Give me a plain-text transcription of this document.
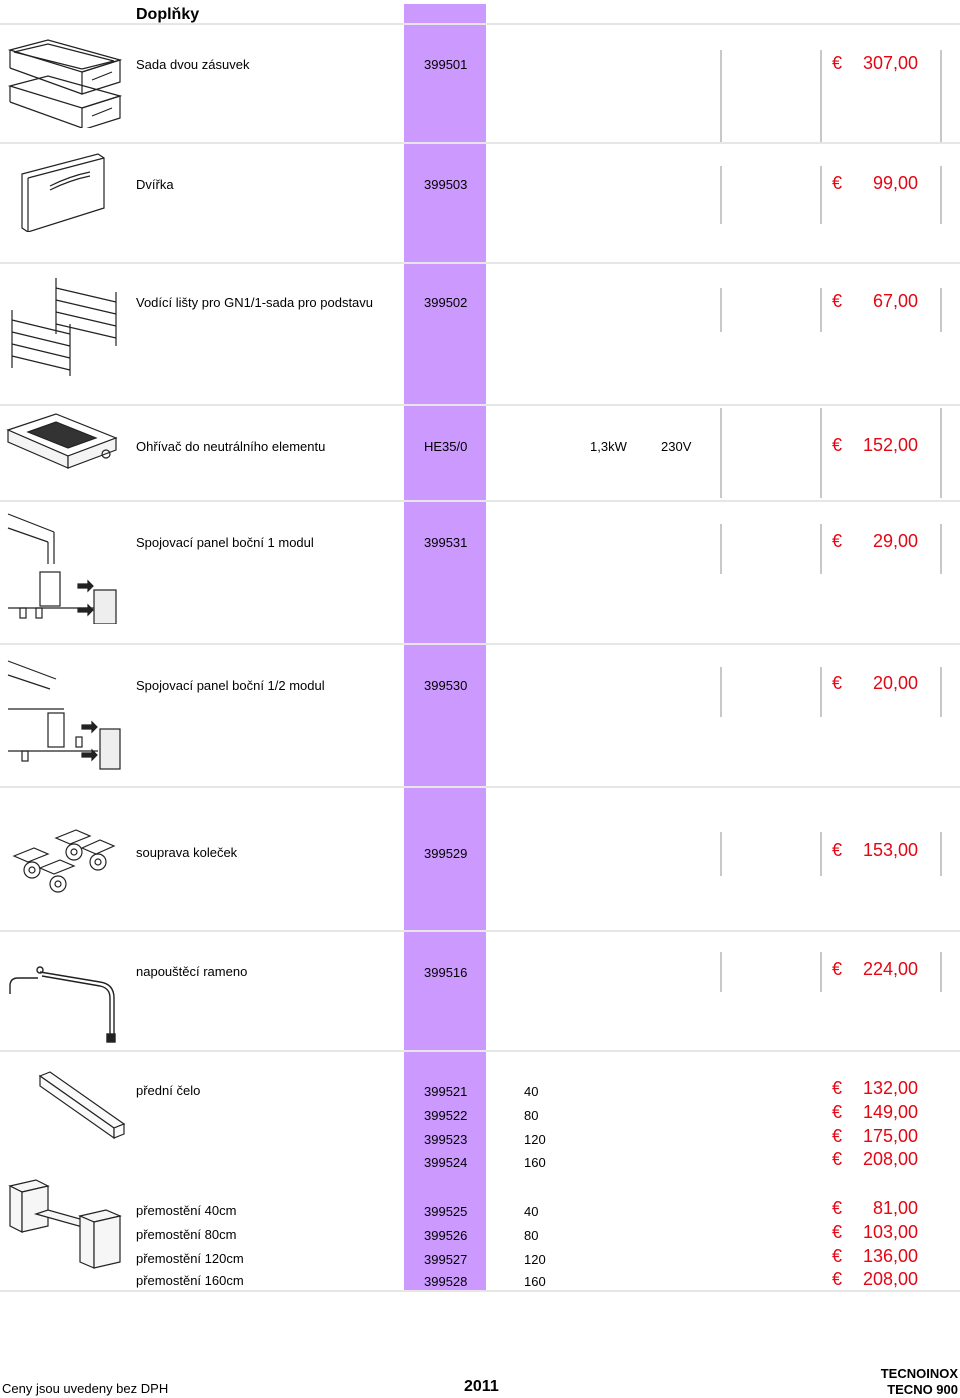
Doplňky
Sada dvou zásuvek	399501	€	307,00
Dvířka	399503	€	99,00
Vodící lišty pro GN1/1-sada pro podstavu	399502	€	67,00
Ohřívač do neutrálního elementu	HE35/0	1,3kW	230V	€	152,00
Spojovací panel boční 1 modul	399531	€	29,00
Spojovací panel boční 1/2 modul	399530	€	20,00
souprava koleček	399529	€	153,00
napouštěcí rameno	399516	€	224,00
přední čelo	399521	40	€	132,00
399522	80	€	149,00
399523	120	€	175,00
399524	160	€	208,00
přemostění 40cm	399525	40	€	81,00
přemostění 80cm	399526	80	€	103,00
přemostění 120cm	399527	120	€	136,00
přemostění 160cm	399528	160	€	208,00
Ceny jsou uvedeny bez DPH	2011
TECNOINOX
TECNO 900
